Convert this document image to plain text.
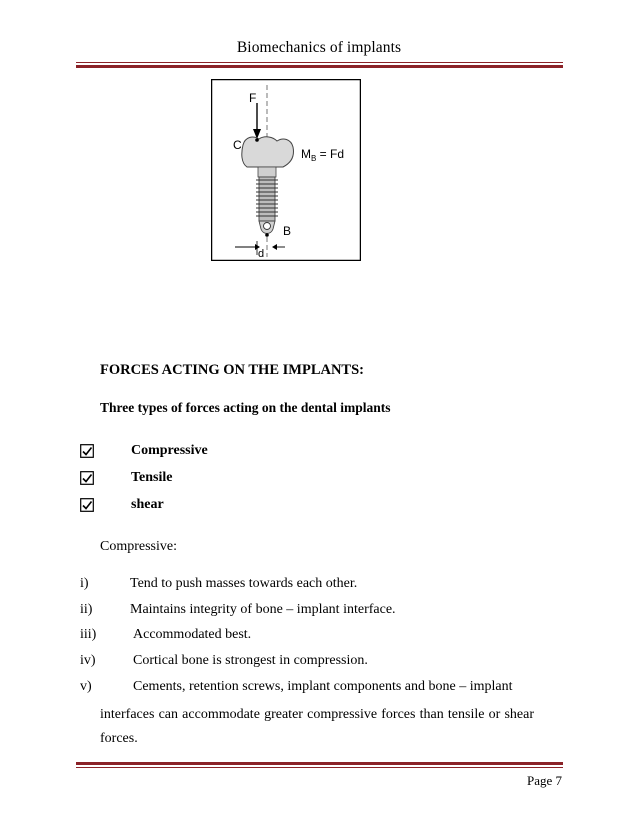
Biomechanics of implants
F
C
B
$M_B = Fd$
d
FORCES ACTING ON THE IMPLANTS:
Three types of forces acting on the dental implants
Compressive
Tensile
shear
Compressive:
i)	Tend to push masses towards each other.
ii)	Maintains integrity of bone – implant interface.
iii)	Accommodated best.
iv)	Cortical bone is strongest in compression.
v)	Cements, retention screws, implant components and bone – implant
interfaces can accommodate greater compressive forces than tensile or shear forces.
Page 7
